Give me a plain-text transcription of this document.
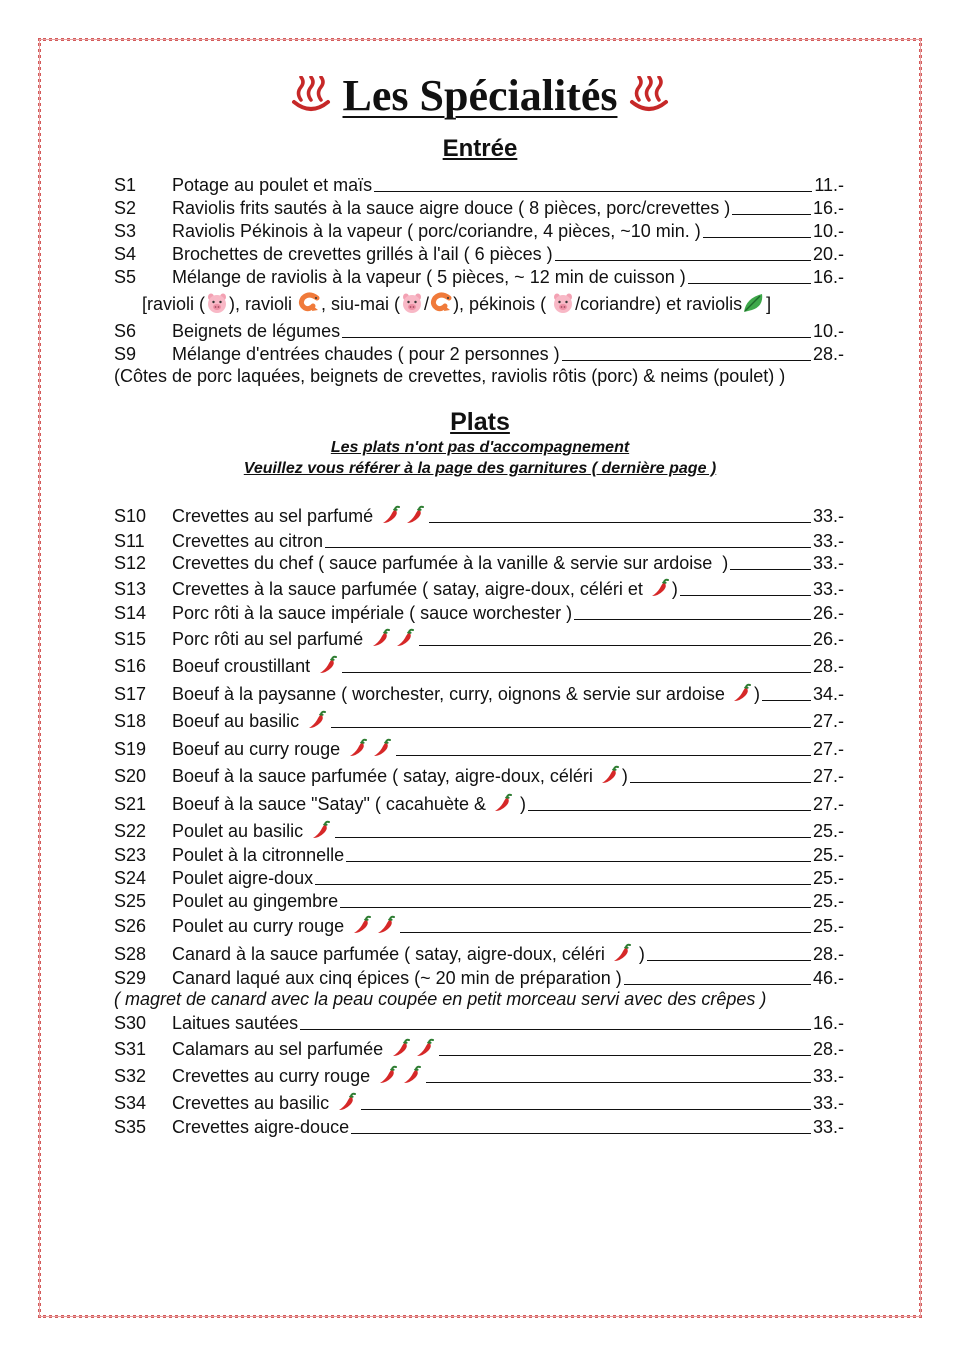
Les Spécialités
Entrée
S1	Potage au poulet et maïs	11.-
S2	Raviolis frits sautés à la sauce aigre douce ( 8 pièces, porc/crevettes )	16.-
S3	Raviolis Pékinois à la vapeur ( porc/coriandre, 4 pièces, ~10 min. )	10.-
S4	Brochettes de crevettes grillés à l'ail ( 6 pièces )	20.-
S5	Mélange de raviolis à la vapeur ( 5 pièces, ~ 12 min de cuisson )	16.-
S6	Beignets de légumes	10.-
S9	Mélange d'entrées chaudes ( pour 2 personnes )	28.-
[ravioli ( ), ravioli , siu-mai ( / ), pékinois ( /coriandre) et raviolis ]
(Côtes de porc laquées, beignets de crevettes, raviolis rôtis (porc) & neims (poulet) )
Plats
Les plats n'ont pas d'accompagnement
Veuillez vous référer à la page des garnitures ( dernière page )
S10	Crevettes au sel parfumé	33.-
S11	Crevettes au citron	33.-
S12	Crevettes du chef ( sauce parfumée à la vanille & servie sur ardoise  )	33.-
S13	Crevettes à la sauce parfumée ( satay, aigre-doux, céléri et )	33.-
S14	Porc rôti à la sauce impériale ( sauce worchester )	26.-
S15	Porc rôti au sel parfumé	26.-
S16	Boeuf croustillant	28.-
S17	Boeuf à la paysanne ( worchester, curry, oignons & servie sur ardoise )	34.-
S18	Boeuf au basilic	27.-
S19	Boeuf au curry rouge	27.-
S20	Boeuf à la sauce parfumée ( satay, aigre-doux, céléri )	27.-
S21	Boeuf à la sauce "Satay" ( cacahuète & )	27.-
S22	Poulet au basilic	25.-
S23	Poulet à la citronnelle	25.-
S24	Poulet aigre-doux	25.-
S25	Poulet au gingembre	25.-
S26	Poulet au curry rouge	25.-
S28	Canard à la sauce parfumée ( satay, aigre-doux, céléri )	28.-
S29	Canard laqué aux cinq épices (~ 20 min de préparation )	46.-
S30	Laitues sautées	16.-
S31	Calamars au sel parfumée	28.-
S32	Crevettes au curry rouge	33.-
S34	Crevettes au basilic	33.-
S35	Crevettes aigre-douce	33.-
( magret de canard avec la peau coupée en petit morceau servi avec des crêpes )
